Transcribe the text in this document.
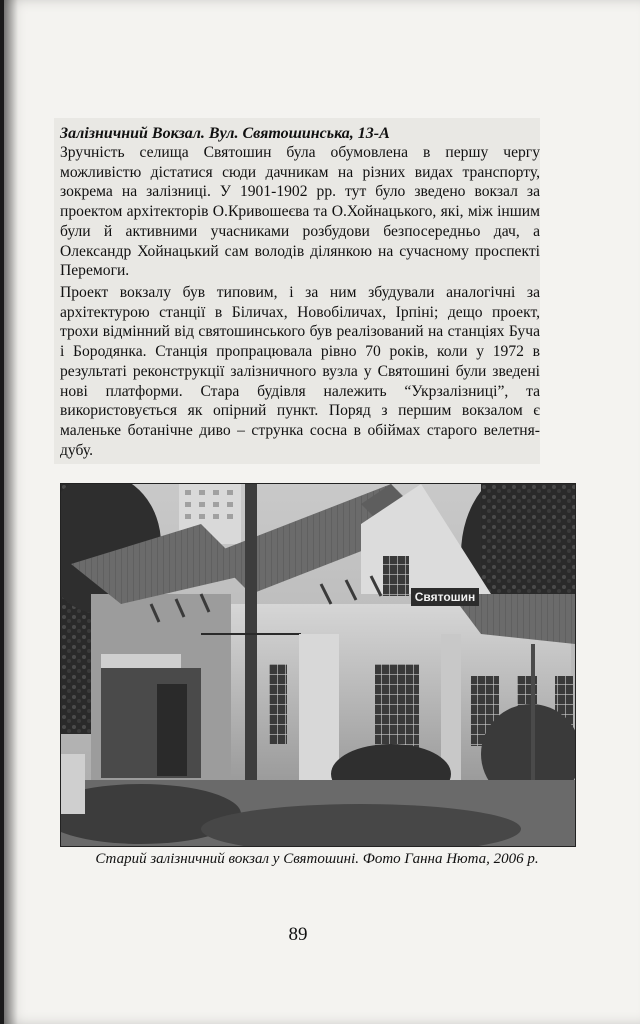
Залізничний Вокзал. Вул. Святошинська, 13-А
Зручність селища Святошин була обумовлена в першу чергу можливістю дістатися сюди дачникам на різних видах транспорту, зокрема на залізниці. У 1901-1902 рр. тут було зведено вокзал за проектом архітекторів О.Кривошеєва та О.Хойнацького, які, між іншим були й активними учасниками розбудови безпосередньо дач, а Олександр Хойнацький сам володів ділянкою на сучасному проспекті Перемоги.
Проект вокзалу був типовим, і за ним збудували аналогічні за архітектурою станції в Біличах, Новобіличах, Ірпіні; дещо проект, трохи відмінний від святошинського був реалізований на станціях Буча і Бородянка. Станція пропрацювала рівно 70 років, коли у 1972 в результаті реконструкції залізничного вузла у Святошині були зведені нові платформи. Стара будівля належить “Укрзалізниці”, та використовується як опірний пункт. Поряд з першим вокзалом є маленьке ботанічне диво – струнка сосна в обіймах старого велетня-дубу.
Святошин
Старий залізничний вокзал у Святошині. Фото Ганна Нюта, 2006 р.
89
